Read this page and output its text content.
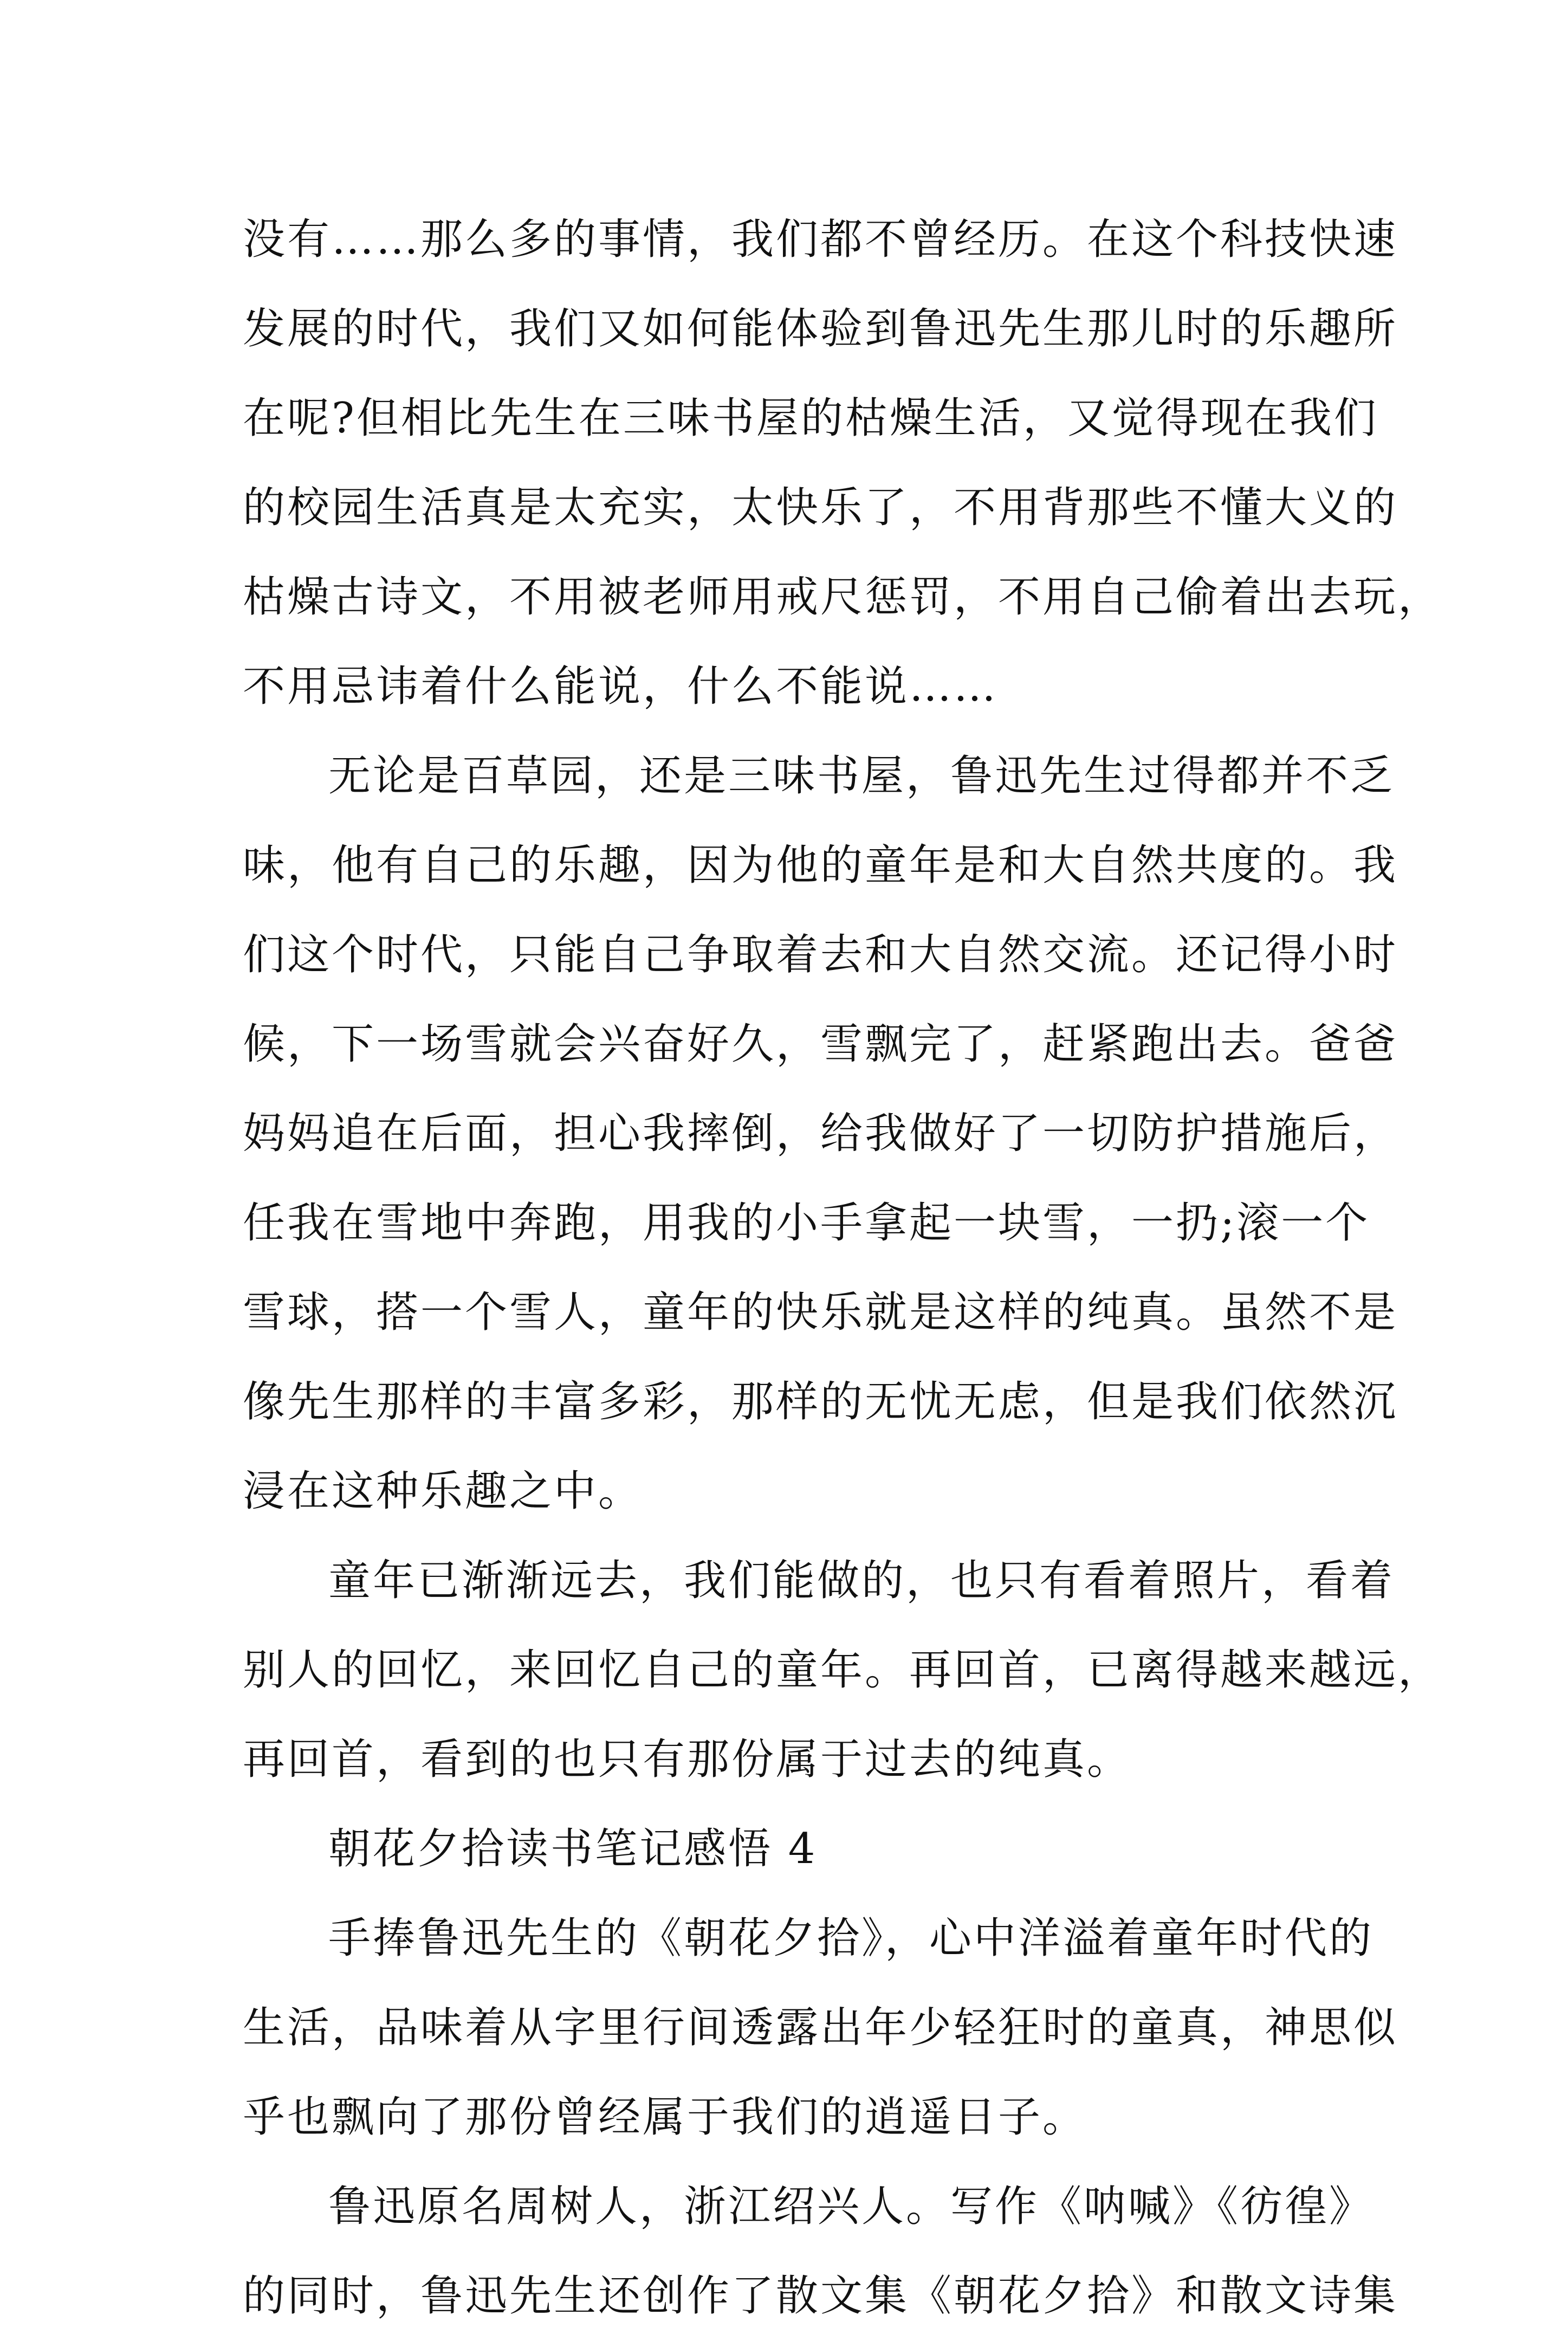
没有……那么多的事情，我们都不曾经历。在这个科技快速
发展的时代，我们又如何能体验到鲁迅先生那儿时的乐趣所
在呢?但相比先生在三味书屋的枯燥生活，又觉得现在我们
的校园生活真是太充实，太快乐了，不用背那些不懂大义的
枯燥古诗文，不用被老师用戒尺惩罚，不用自己偷着出去玩，
不用忌讳着什么能说，什么不能说……
无论是百草园，还是三味书屋，鲁迅先生过得都并不乏
味，他有自己的乐趣，因为他的童年是和大自然共度的。我
们这个时代，只能自己争取着去和大自然交流。还记得小时
候，下一场雪就会兴奋好久，雪飘完了，赶紧跑出去。爸爸
妈妈追在后面，担心我摔倒，给我做好了一切防护措施后，
任我在雪地中奔跑，用我的小手拿起一块雪，一扔;滚一个
雪球，搭一个雪人，童年的快乐就是这样的纯真。虽然不是
像先生那样的丰富多彩，那样的无忧无虑，但是我们依然沉
浸在这种乐趣之中。
童年已渐渐远去，我们能做的，也只有看着照片，看着
别人的回忆，来回忆自己的童年。再回首，已离得越来越远，
再回首，看到的也只有那份属于过去的纯真。
朝花夕拾读书笔记感悟 4
手捧鲁迅先生的《朝花夕拾》，心中洋溢着童年时代的
生活，品味着从字里行间透露出年少轻狂时的童真，神思似
乎也飘向了那份曾经属于我们的逍遥日子。
鲁迅原名周树人，浙江绍兴人。写作《呐喊》《彷徨》
的同时，鲁迅先生还创作了散文集《朝花夕拾》和散文诗集
